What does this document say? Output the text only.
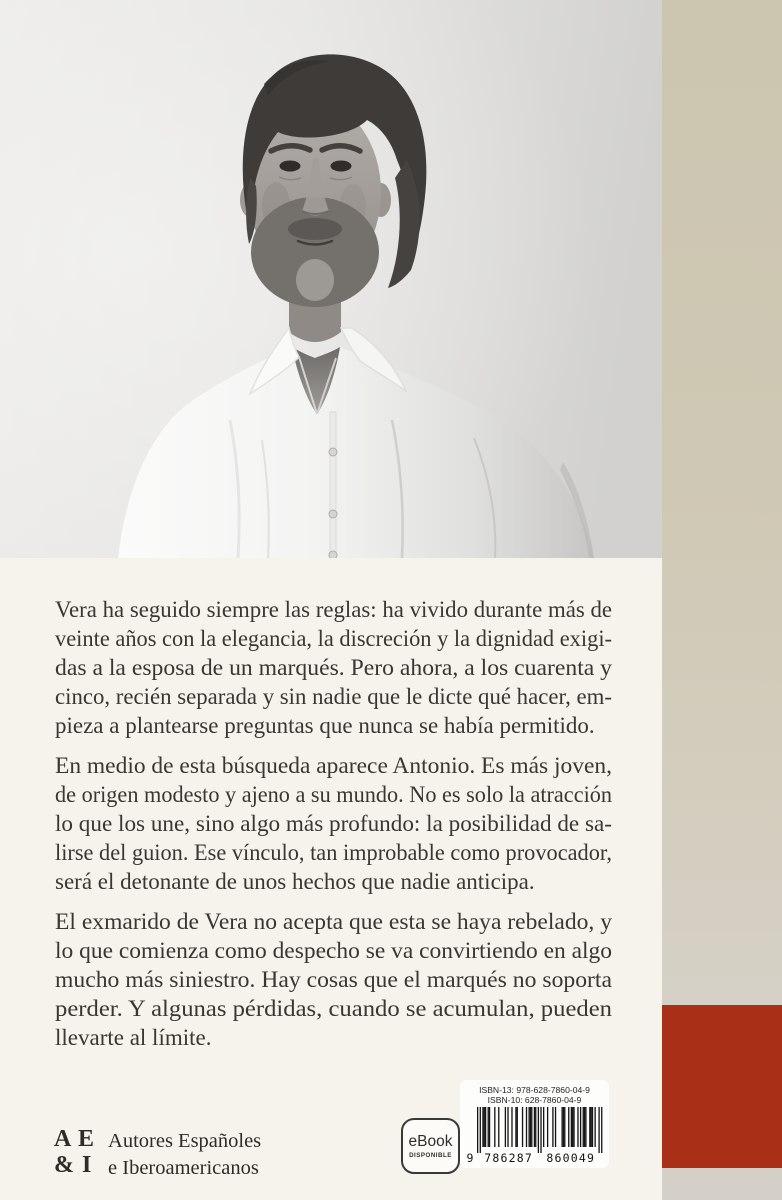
Vera ha seguido siempre las reglas: ha vivido durante más de
veinte años con la elegancia, la discreción y la dignidad exigi-
das a la esposa de un marqués. Pero ahora, a los cuarenta y
cinco, recién separada y sin nadie que le dicte qué hacer, em-
pieza a plantearse preguntas que nunca se había permitido.
En medio de esta búsqueda aparece Antonio. Es más joven,
de origen modesto y ajeno a su mundo. No es solo la atracción
lo que los une, sino algo más profundo: la posibilidad de sa-
lirse del guion. Ese vínculo, tan improbable como provocador,
será el detonante de unos hechos que nadie anticipa.
El exmarido de Vera no acepta que esta se haya rebelado, y
lo que comienza como despecho se va convirtiendo en algo
mucho más siniestro. Hay cosas que el marqués no soporta
perder. Y algunas pérdidas, cuando se acumulan, pueden
llevarte al límite.
A E
& I
Autores Españoles
e Iberoamericanos
eBook
DISPONIBLE
ISBN-13: 978-628-7860-04-9
ISBN-10: 628-7860-04-9
9 786287 860049
